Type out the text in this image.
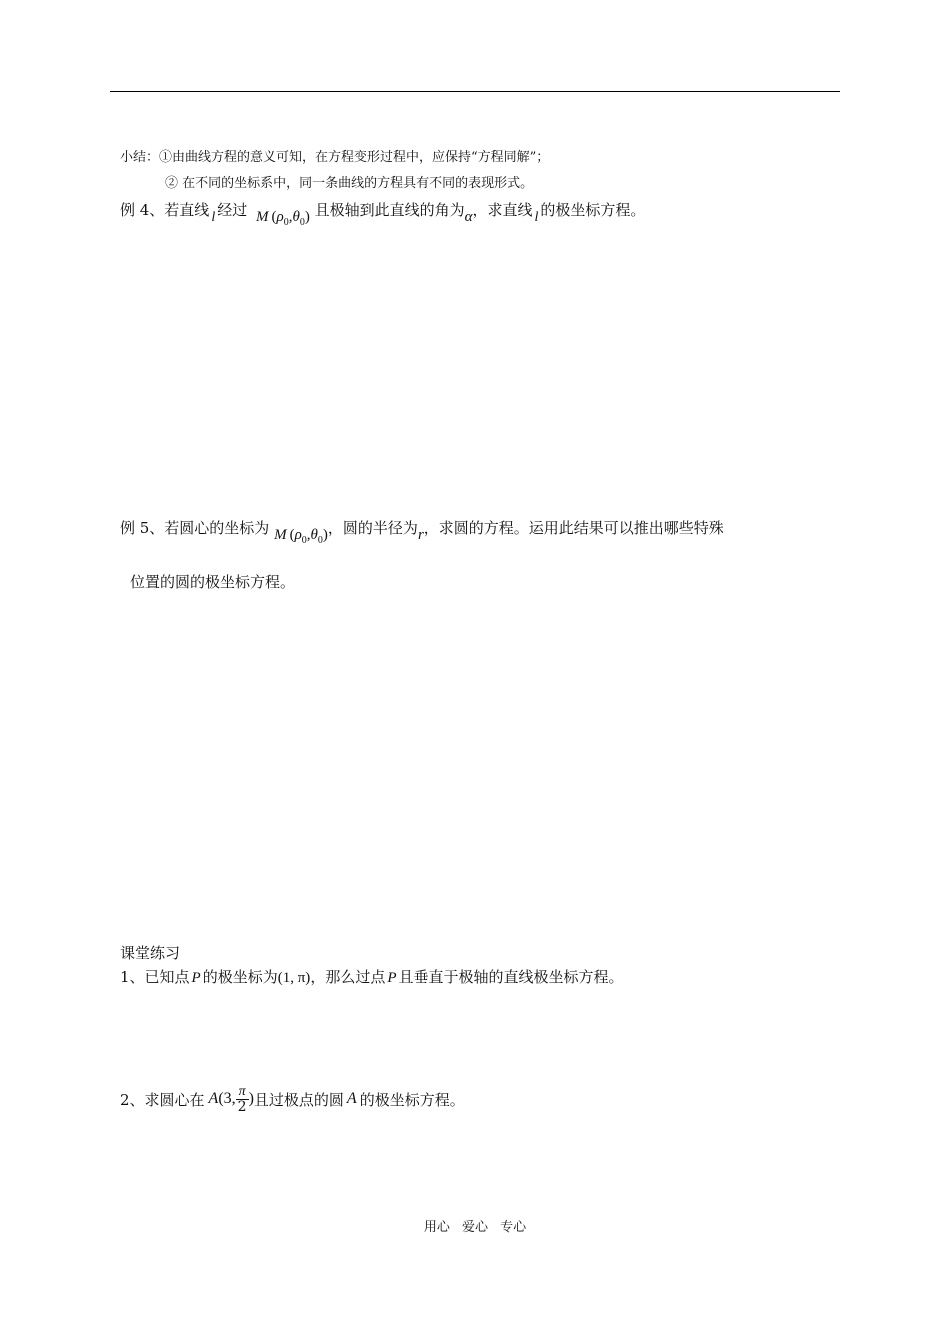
小结：①由曲线方程的意义可知，在方程变形过程中，应保持“方程同解”；
② 在不同的坐标系中，同一条曲线的方程具有不同的表现形式。
例 4、若直线 l 经过 M $(\rho_0,\theta_0)$ 且极轴到此直线的角为α，求直线 l 的极坐标方程。
例 5、若圆心的坐标为 M $(\rho_0,\theta_0)$，圆的半径为r，求圆的方程。运用此结果可以推出哪些特殊
位置的圆的极坐标方程。
课堂练习
1、已知点 P 的极坐标为(1, π)，那么过点 P 且垂直于极轴的直线极坐标方程。
2、求圆心在 A(3, $\frac{\pi}{2}$ ) 且过极点的圆 A 的极坐标方程。
用心 爱心 专心
